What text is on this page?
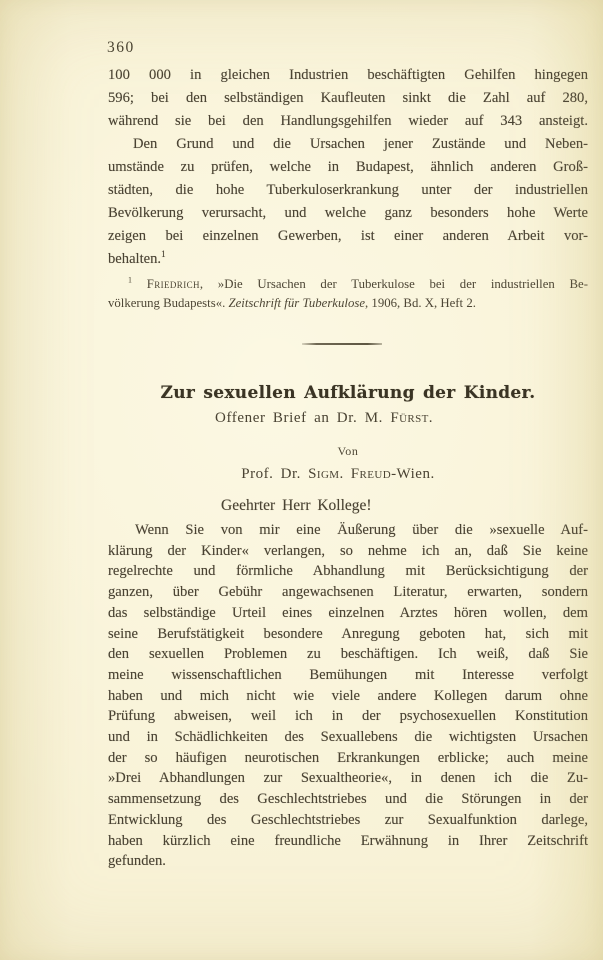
360
100 000 in gleichen Industrien beschäftigten Gehilfen hingegen
596; bei den selbständigen Kaufleuten sinkt die Zahl auf 280,
während sie bei den Handlungsgehilfen wieder auf 343 ansteigt.
Den Grund und die Ursachen jener Zustände und Neben-
umstände zu prüfen, welche in Budapest, ähnlich anderen Groß-
städten, die hohe Tuberkuloserkrankung unter der industriellen
Bevölkerung verursacht, und welche ganz besonders hohe Werte
zeigen bei einzelnen Gewerben, ist einer anderen Arbeit vor-
behalten.$^1$
$^1$ Friedrich, »Die Ursachen der Tuberkulose bei der industriellen Be-
völkerung Budapests«. Zeitschrift für Tuberkulose, 1906, Bd. X, Heft 2.
Zur sexuellen Aufklärung der Kinder.
Offener Brief an Dr. M. Fürst.
Von
Prof. Dr. Sigm. Freud-Wien.
Geehrter Herr Kollege!
Wenn Sie von mir eine Äußerung über die »sexuelle Auf-
klärung der Kinder« verlangen, so nehme ich an, daß Sie keine
regelrechte und förmliche Abhandlung mit Berücksichtigung der
ganzen, über Gebühr angewachsenen Literatur, erwarten, sondern
das selbständige Urteil eines einzelnen Arztes hören wollen, dem
seine Berufstätigkeit besondere Anregung geboten hat, sich mit
den sexuellen Problemen zu beschäftigen. Ich weiß, daß Sie
meine wissenschaftlichen Bemühungen mit Interesse verfolgt
haben und mich nicht wie viele andere Kollegen darum ohne
Prüfung abweisen, weil ich in der psychosexuellen Konstitution
und in Schädlichkeiten des Sexuallebens die wichtigsten Ursachen
der so häufigen neurotischen Erkrankungen erblicke; auch meine
»Drei Abhandlungen zur Sexualtheorie«, in denen ich die Zu-
sammensetzung des Geschlechtstriebes und die Störungen in der
Entwicklung des Geschlechtstriebes zur Sexualfunktion darlege,
haben kürzlich eine freundliche Erwähnung in Ihrer Zeitschrift
gefunden.
